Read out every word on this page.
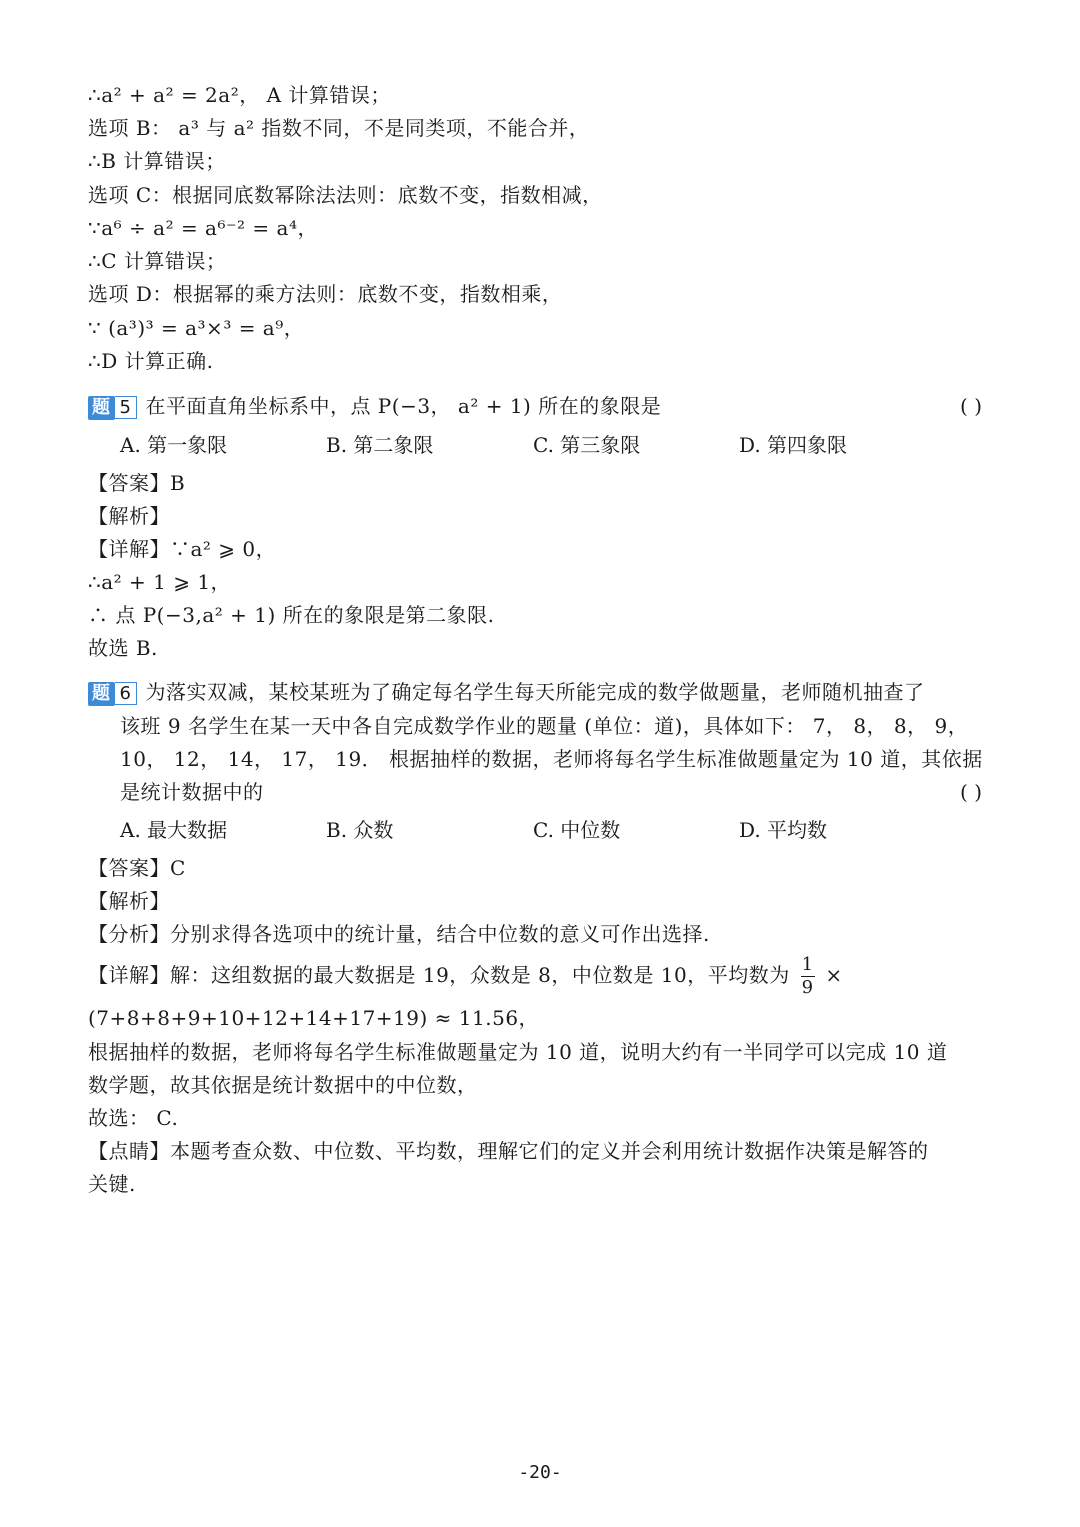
∴a² + a² = 2a²， A 计算错误；
选项 B： a³ 与 a² 指数不同，不是同类项，不能合并，
∴B 计算错误；
选项 C：根据同底数幂除法法则：底数不变，指数相减，
∵a⁶ ÷ a² = a⁶⁻² = a⁴，
∴C 计算错误；
选项 D：根据幂的乘方法则：底数不变，指数相乘，
∵ (a³)³ = a³×³ = a⁹，
∴D 计算正确.
题 5 在平面直角坐标系中，点 P(−3， a² + 1) 所在的象限是	( )
A. 第一象限	B. 第二象限	C. 第三象限	D. 第四象限
【答案】B
【解析】
【详解】∵a² ⩾ 0，
∴a² + 1 ⩾ 1，
∴ 点 P(−3,a² + 1) 所在的象限是第二象限.
故选 B.
题 6 为落实双减，某校某班为了确定每名学生每天所能完成的数学做题量，老师随机抽查了
该班 9 名学生在某一天中各自完成数学作业的题量 (单位：道)，具体如下： 7， 8， 8， 9，
10， 12， 14， 17， 19． 根据抽样的数据，老师将每名学生标准做题量定为 10 道，其依据
是统计数据中的	( )
A. 最大数据	B. 众数	C. 中位数	D. 平均数
【答案】C
【解析】
【分析】分别求得各选项中的统计量，结合中位数的意义可作出选择.
【详解】解：这组数据的最大数据是 19，众数是 8，中位数是 10，平均数为 $\frac{1}{9}$ ×
(7+8+8+9+10+12+14+17+19) ≈ 11.56，
根据抽样的数据，老师将每名学生标准做题量定为 10 道，说明大约有一半同学可以完成 10 道
数学题，故其依据是统计数据中的中位数，
故选： C.
【点睛】本题考查众数、中位数、平均数，理解它们的定义并会利用统计数据作决策是解答的
关键.
-20-
